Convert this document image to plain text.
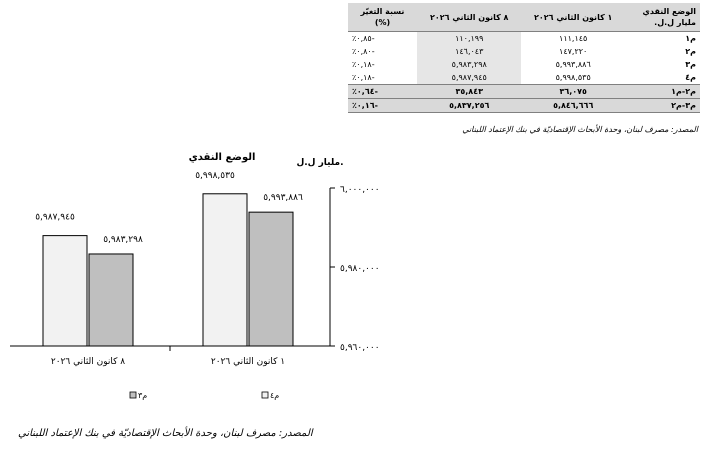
الوضع النقدي
مليار ل.ل.	١ كانون الثاني ٢٠٢٦	٨ كانون الثاني ٢٠٢٦	نسبة التغيّر
(%)
م١	١١١,١٤٥	١١٠,١٩٩	-٠,٨٥٪
م٢	١٤٧,٢٢٠	١٤٦,٠٤٣	-٠,٨٠٪
م٣	٥,٩٩٣,٨٨٦	٥,٩٨٣,٢٩٨	-٠,١٨٪
م٤	٥,٩٩٨,٥٣٥	٥,٩٨٧,٩٤٥	-٠,١٨٪
م٢-م١	٣٦,٠٧٥	٣٥,٨٤٣	-٠,٦٤٪
م٣-م٢	٥,٨٤٦,٦٦٦	٥,٨٣٧,٢٥٦	-٠,١٦٪
المصدر: مصرف لبنان، وحدة الأبحاث الإقتصاديّة في بنك الإعتماد اللبناني
الوضع النقدي	مليار ل.ل.
٦,٠٠٠,٠٠٠
٥,٩٨٠,٠٠٠
٥,٩٦٠,٠٠٠
٥,٩٩٨,٥٣٥
٥,٩٩٣,٨٨٦
٥,٩٨٧,٩٤٥
٥,٩٨٣,٢٩٨
١ كانون الثاني ٢٠٢٦
٨ كانون الثاني ٢٠٢٦
م٤
م٣
المصدر: مصرف لبنان، وحدة الأبحاث الإقتصاديّة في بنك الإعتماد اللبناني
